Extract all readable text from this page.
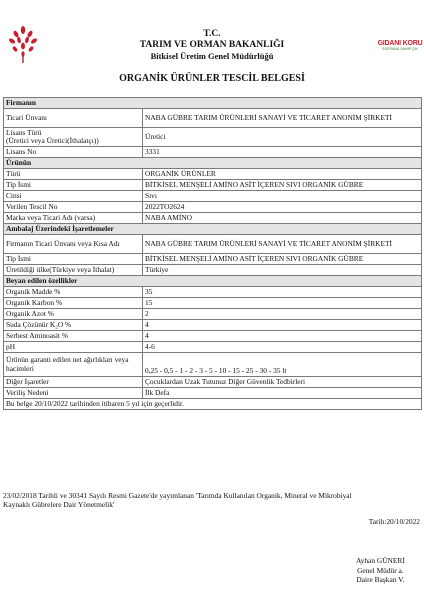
GIDANI KORU
SOFRANA SAHİP ÇIK
T.C.
TARIM VE ORMAN BAKANLIĞI
Bitkisel Üretim Genel Müdürlüğü
ORGANİK ÜRÜNLER TESCİL BELGESİ
Firmanın	
Ticari Ünvanı	NABA GÜBRE TARIM ÜRÜNLERİ SANAYİ VE TİCARET ANONİM ŞİRKETİ

Lisans Türü
(Üretici veya Üretici(İthalatçı))	Üretici
Lisans No	3331
Ürünün	
Türü	ORGANİK ÜRÜNLER
Tip İsmi	BİTKİSEL MENŞELİ AMİNO ASİT İÇEREN SIVI ORGANİK GÜBRE
Cinsi	Sıvı
Verilen Tescil No	2022TO2624
Marka veya Ticari Adı (varsa)	NABA AMİNO
Ambalaj Üzerindeki İşaretlemeler	
Firmanın Ticari Ünvanı veya Kısa Adı	NABA GÜBRE TARIM ÜRÜNLERİ SANAYİ VE TİCARET ANONİM ŞİRKETİ
Tip İsmi	BİTKİSEL MENŞELİ AMİNO ASİT İÇEREN SIVI ORGANİK GÜBRE
Üretildiği ülke(Türkiye veya İthalat)	Türkiye
Beyan edilen özellikler	
Organik Madde %	35
Organik Karbon %	15
Organik Azot %	2
Suda Çözünür K₂O %	4
Serbest Aminoasit %	4
pH	4-6
Ürünün garanti edilen net ağırlıkları veya hacimleri	0,25 - 0,5 - 1 - 2 - 3 - 5 - 10 - 15 - 25 - 30 - 35 lt
Diğer İşaretler	Çocuklardan Uzak Tutunuz Diğer Güvenlik Tedbirleri
Veriliş Nedeni	İlk Defa
Bu belge 20/10/2022 tarihinden itibaren 5 yıl için geçerlidir.	
23/02/2018 Tarihli ve 30341 Sayılı Resmi Gazete'de yayımlanan 'Tarımda Kullanılan Organik, Mineral ve Mikrobiyal
Kaynaklı Gübrelere Dair Yönetmelik'
Tarih:20/10/2022
Ayhan GÜNERİ
Genel Müdür a.
Daire Başkan V.
